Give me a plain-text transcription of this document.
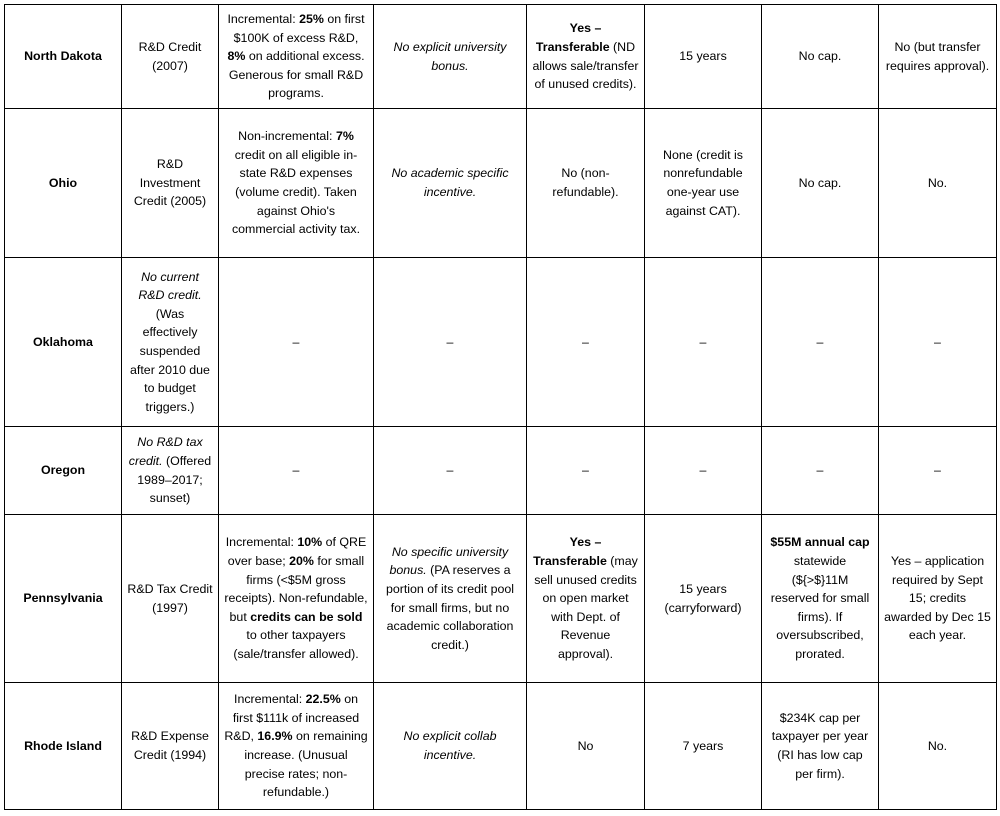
North Dakota	R&D Credit (2007)	Incremental: 25% on first $100K of excess R&D, 8% on additional excess. Generous for small R&D programs.	No explicit university bonus.	Yes – Transferable (ND allows sale/transfer of unused credits).	15 years	No cap.	No (but transfer requires approval).
Ohio	R&D Investment Credit (2005)	Non-incremental: 7% credit on all eligible in-state R&D expenses (volume credit). Taken against Ohio's commercial activity tax.	No academic specific incentive.	No (non-refundable).	None (credit is nonrefundable one-year use against CAT).	No cap.	No.
Oklahoma	No current R&D credit. (Was effectively suspended after 2010 due to budget triggers.)	–	–	–	–	–	–
Oregon	No R&D tax credit. (Offered 1989–2017; sunset)	–	–	–	–	–	–
Pennsylvania	R&D Tax Credit (1997)	Incremental: 10% of QRE over base; 20% for small firms (<$5M gross receipts). Non-refundable, but credits can be sold to other taxpayers (sale/transfer allowed).	No specific university bonus. (PA reserves a portion of its credit pool for small firms, but no academic collaboration credit.)	Yes – Transferable (may sell unused credits on open market with Dept. of Revenue approval).	15 years (carryforward)	$55M annual cap statewide (${>$}11M reserved for small firms). If oversubscribed, prorated.	Yes – application required by Sept 15; credits awarded by Dec 15 each year.
Rhode Island	R&D Expense Credit (1994)	Incremental: 22.5% on first $111k of increased R&D, 16.9% on remaining increase. (Unusual precise rates; non-refundable.)	No explicit collab incentive.	No	7 years	$234K cap per taxpayer per year (RI has low cap per firm).	No.
